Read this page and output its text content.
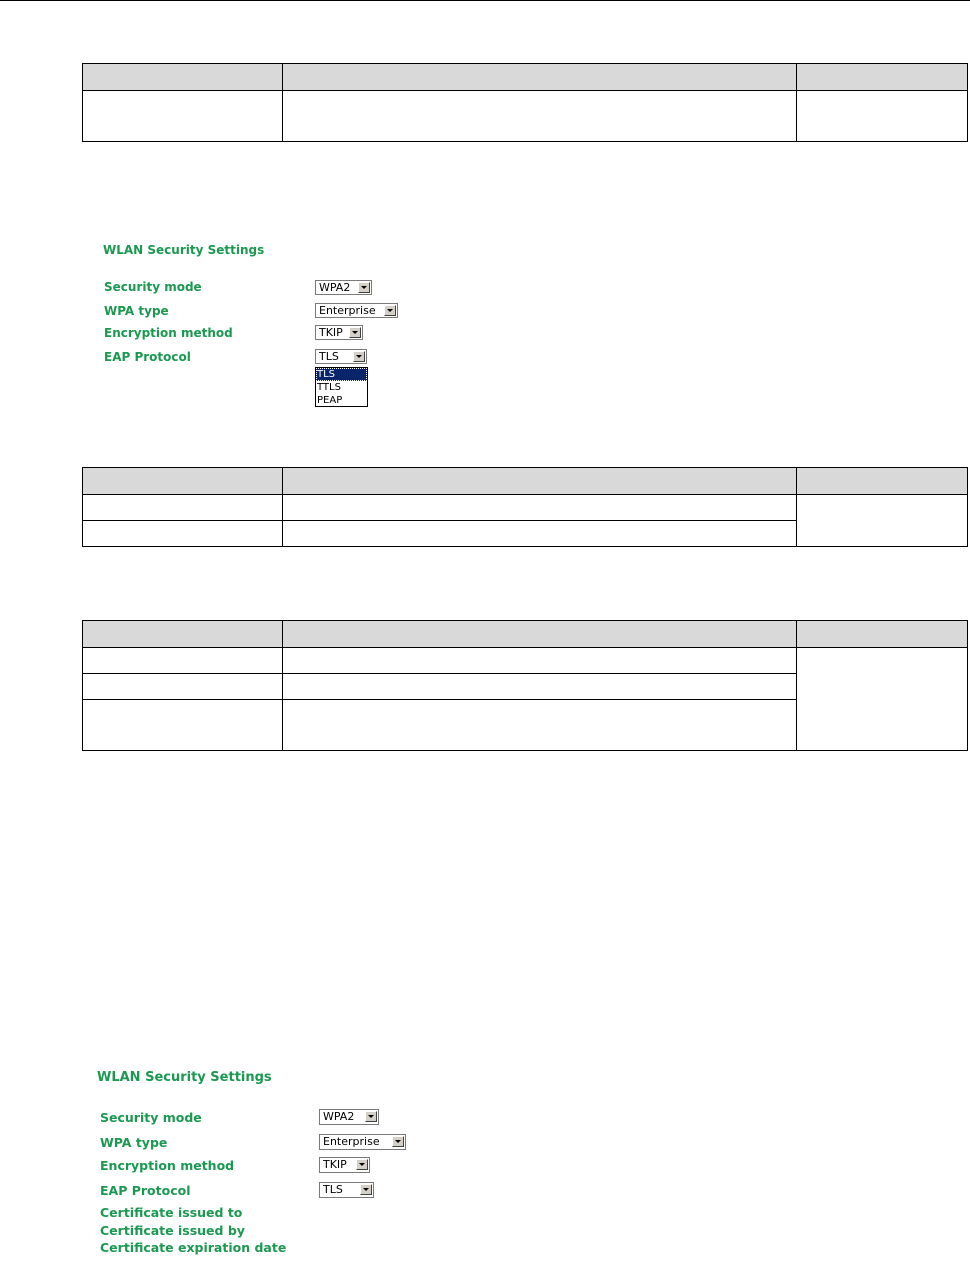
WLAN Security Settings
Security mode	WPA2
WPA type	Enterprise
Encryption method	TKIP
EAP Protocol	TLS
TLS
TTLS
PEAP

WLAN Security Settings
Security mode	WPA2
WPA type	Enterprise
Encryption method	TKIP
EAP Protocol	TLS
Certificate issued to
Certificate issued by
Certificate expiration date
